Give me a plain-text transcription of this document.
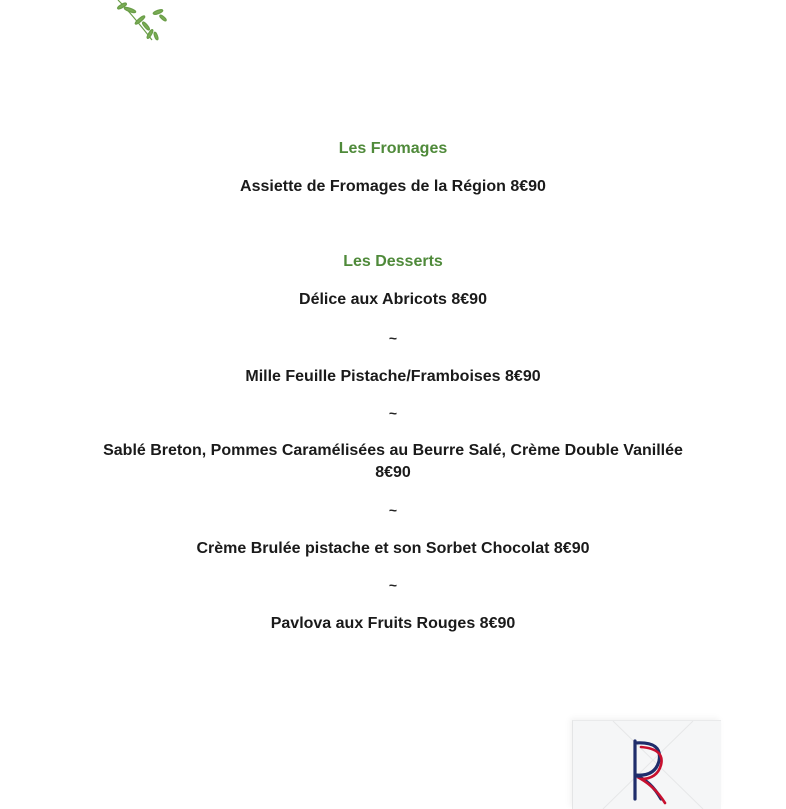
Les Fromages
Assiette de Fromages de la Région 8€90
Les Desserts
Délice aux Abricots 8€90
~
Mille Feuille Pistache/Framboises 8€90
~
Sablé Breton, Pommes Caramélisées au Beurre Salé, Crème Double Vanillée
8€90
~
Crème Brulée pistache et son Sorbet Chocolat 8€90
~
Pavlova aux Fruits Rouges 8€90
